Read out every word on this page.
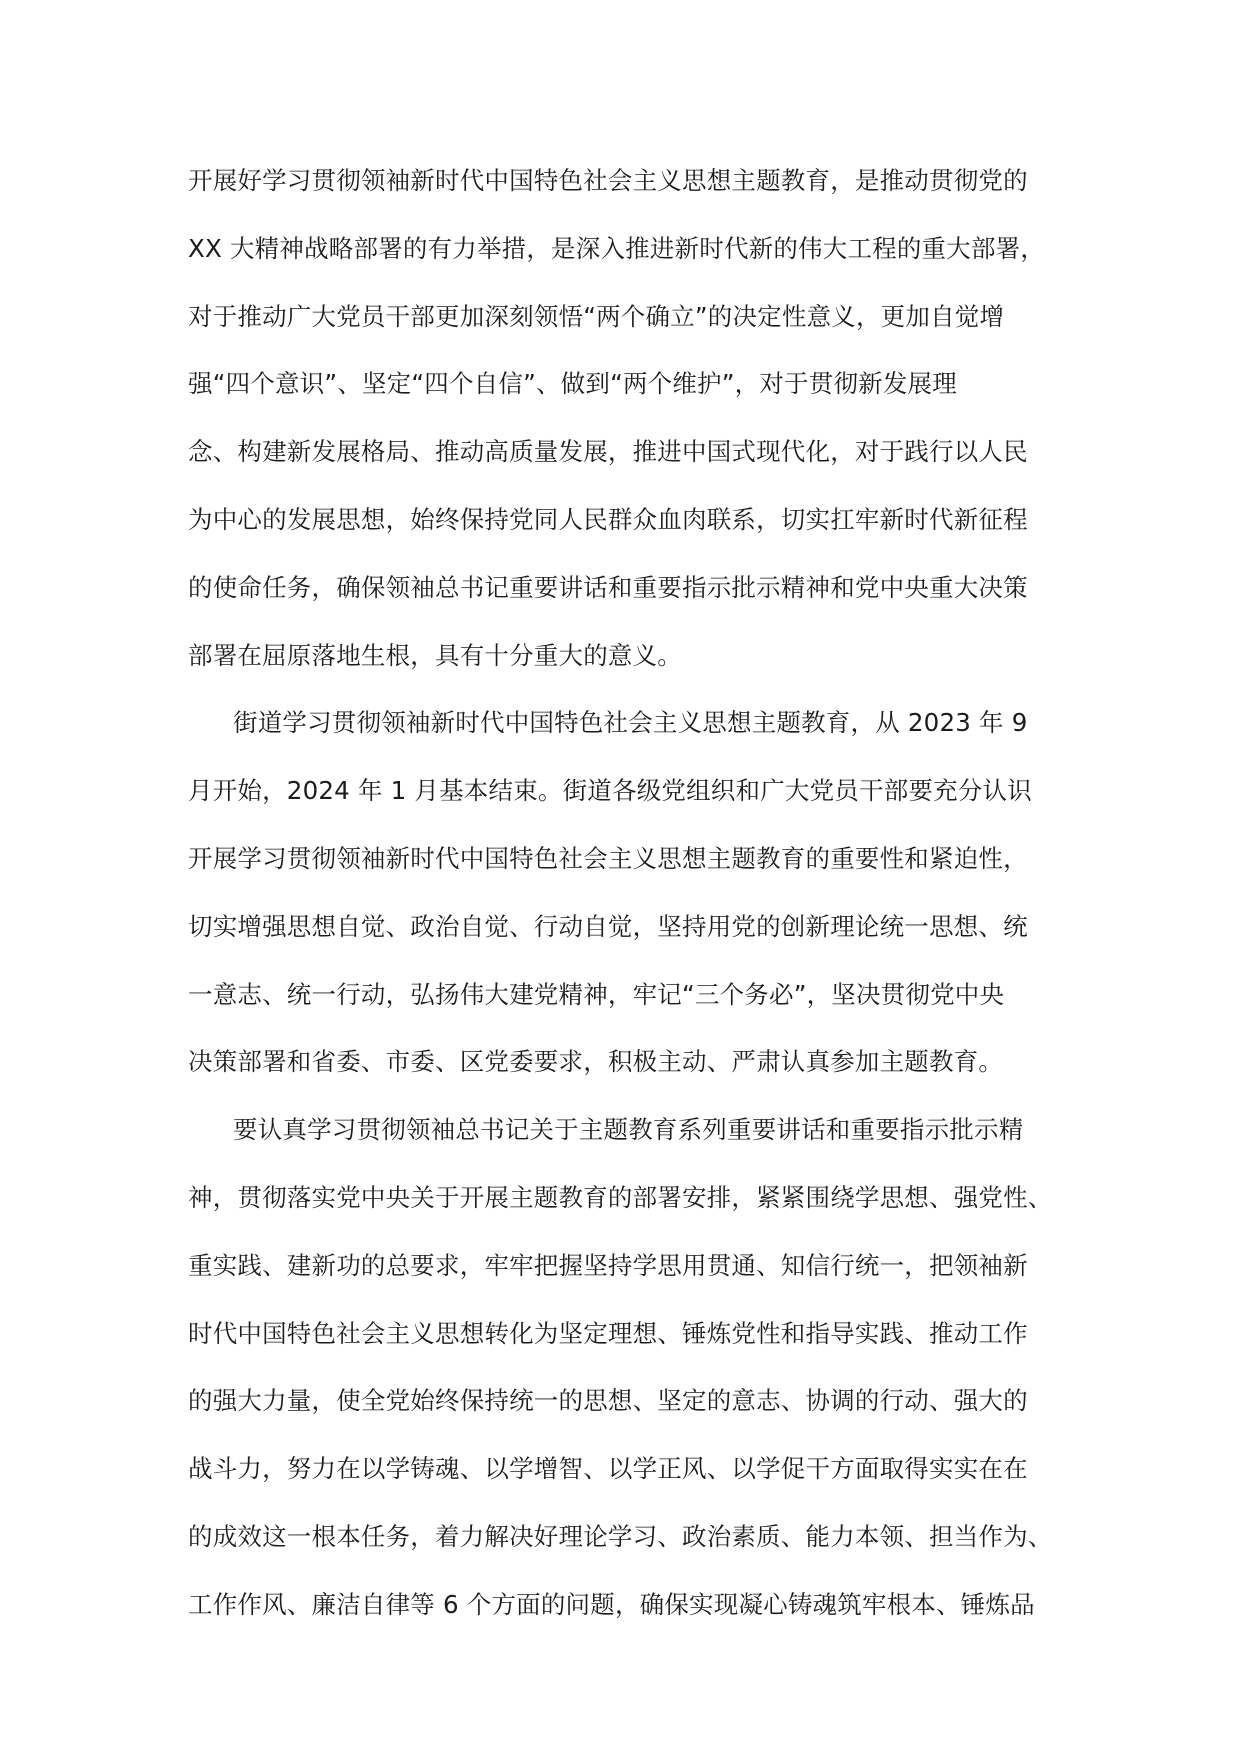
开展好学习贯彻领袖新时代中国特色社会主义思想主题教育，是推动贯彻党的
XX 大精神战略部署的有力举措，是深入推进新时代新的伟大工程的重大部署，
对于推动广大党员干部更加深刻领悟“两个确立”的决定性意义，更加自觉增
强“四个意识”、坚定“四个自信”、做到“两个维护”，对于贯彻新发展理
念、构建新发展格局、推动高质量发展，推进中国式现代化，对于践行以人民
为中心的发展思想，始终保持党同人民群众血肉联系，切实扛牢新时代新征程
的使命任务，确保领袖总书记重要讲话和重要指示批示精神和党中央重大决策
部署在屈原落地生根，具有十分重大的意义。
街道学习贯彻领袖新时代中国特色社会主义思想主题教育，从 2023 年 9
月开始，2024 年 1 月基本结束。街道各级党组织和广大党员干部要充分认识
开展学习贯彻领袖新时代中国特色社会主义思想主题教育的重要性和紧迫性，
切实增强思想自觉、政治自觉、行动自觉，坚持用党的创新理论统一思想、统
一意志、统一行动，弘扬伟大建党精神，牢记“三个务必”，坚决贯彻党中央
决策部署和省委、市委、区党委要求，积极主动、严肃认真参加主题教育。
要认真学习贯彻领袖总书记关于主题教育系列重要讲话和重要指示批示精
神，贯彻落实党中央关于开展主题教育的部署安排，紧紧围绕学思想、强党性、
重实践、建新功的总要求，牢牢把握坚持学思用贯通、知信行统一，把领袖新
时代中国特色社会主义思想转化为坚定理想、锤炼党性和指导实践、推动工作
的强大力量，使全党始终保持统一的思想、坚定的意志、协调的行动、强大的
战斗力，努力在以学铸魂、以学增智、以学正风、以学促干方面取得实实在在
的成效这一根本任务，着力解决好理论学习、政治素质、能力本领、担当作为、
工作作风、廉洁自律等 6 个方面的问题，确保实现凝心铸魂筑牢根本、锤炼品
